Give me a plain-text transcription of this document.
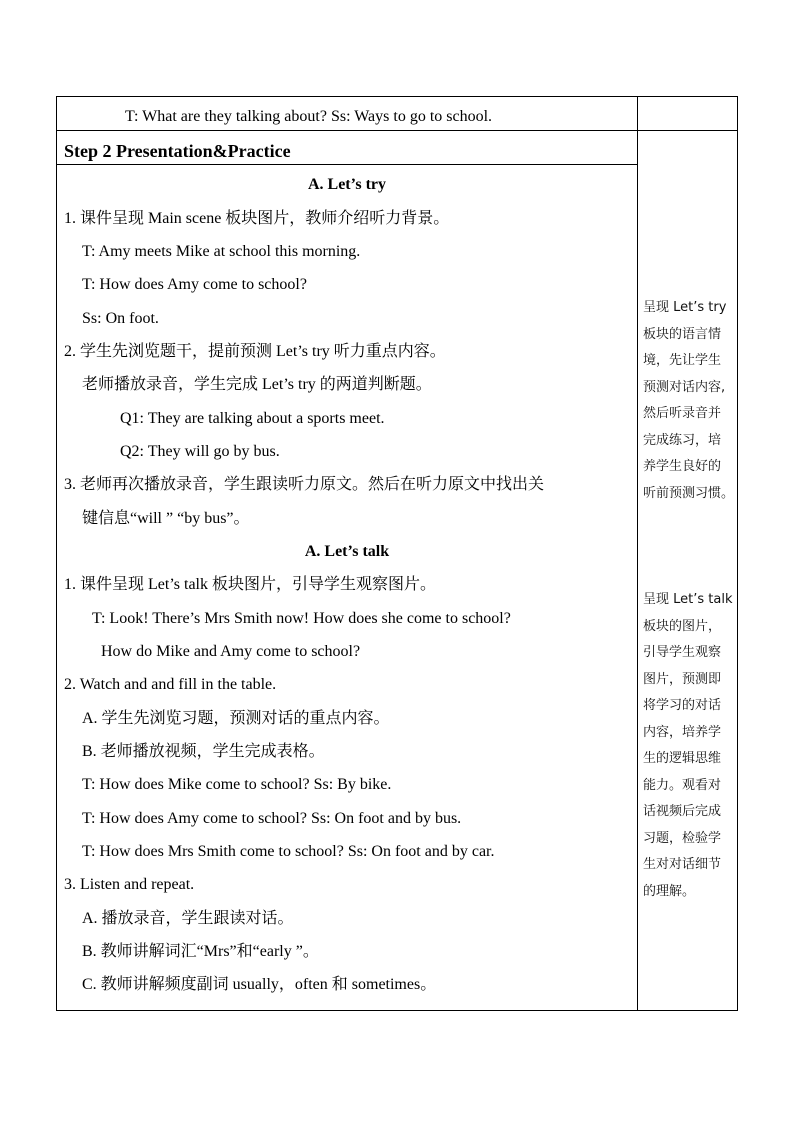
T: What are they talking about? Ss: Ways to go to school.
Step 2 Presentation&Practice
A. Let’s try
1. 课件呈现 Main scene 板块图片，教师介绍听力背景。
T: Amy meets Mike at school this morning.
T: How does Amy come to school?
Ss: On foot.
2. 学生先浏览题干，提前预测 Let’s try 听力重点内容。
老师播放录音，学生完成 Let’s try 的两道判断题。
Q1: They are talking about a sports meet.
Q2: They will go by bus.
3. 老师再次播放录音，学生跟读听力原文。然后在听力原文中找出关
键信息“will ” “by bus”。
A. Let’s talk
1. 课件呈现 Let’s talk 板块图片，引导学生观察图片。
T: Look! There’s Mrs Smith now! How does she come to school?
How do Mike and Amy come to school?
2. Watch and and fill in the table.
A. 学生先浏览习题，预测对话的重点内容。
B. 老师播放视频，学生完成表格。
T: How does Mike come to school? Ss: By bike.
T: How does Amy come to school? Ss: On foot and by bus.
T: How does Mrs Smith come to school? Ss: On foot and by car.
3. Listen and repeat.
A. 播放录音，学生跟读对话。
B. 教师讲解词汇“Mrs”和“early ”。
C. 教师讲解频度副词 usually，often 和 sometimes。
呈现 Let’s try
板块的语言情
境，先让学生
预测对话内容,
然后听录音并
完成练习，培
养学生良好的
听前预测习惯。
呈现 Let’s talk
板块的图片，
引导学生观察
图片，预测即
将学习的对话
内容，培养学
生的逻辑思维
能力。观看对
话视频后完成
习题，检验学
生对对话细节
的理解。
